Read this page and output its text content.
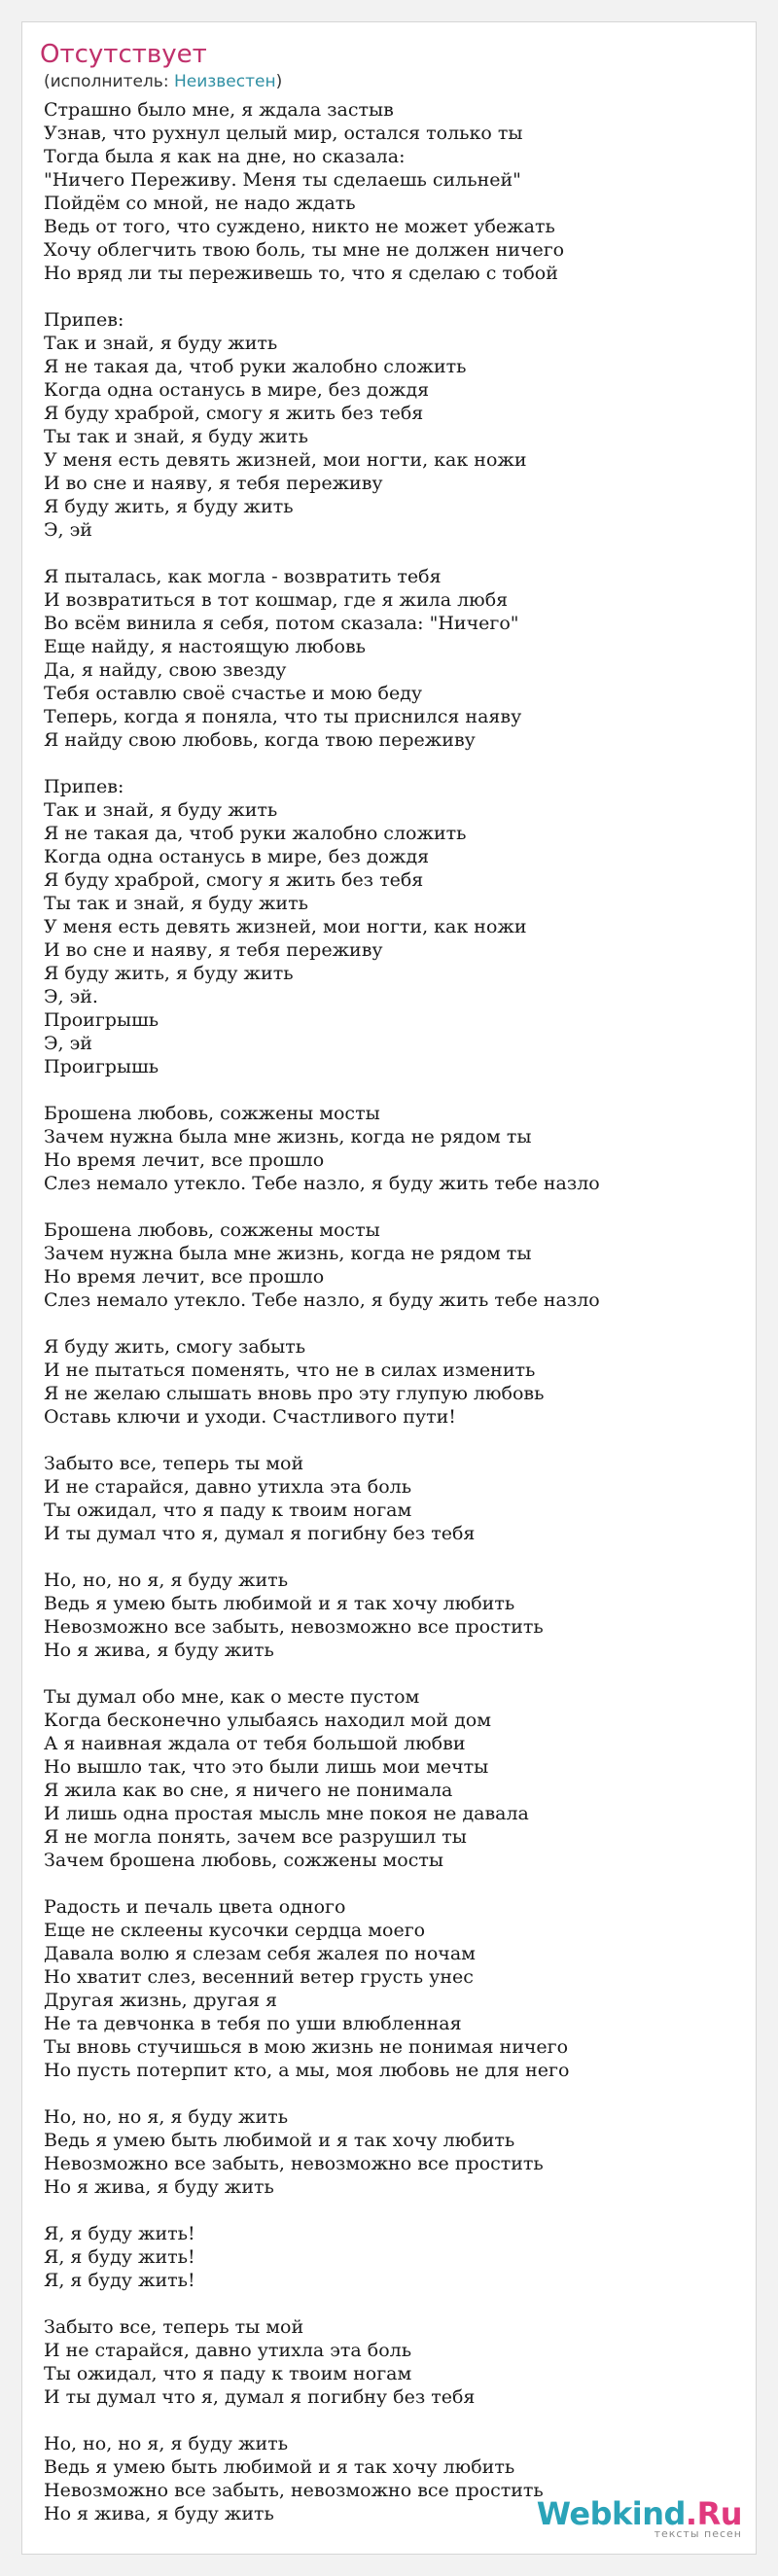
Отсутствует
(исполнитель: Неизвестен)
Страшно было мне, я ждала застыв
Узнав, что рухнул целый мир, остался только ты
Тогда была я как на дне, но сказала:
"Ничего Переживу. Меня ты сделаешь сильней"
Пойдём со мной, не надо ждать
Ведь от того, что суждено, никто не может убежать
Хочу облегчить твою боль, ты мне не должен ничего
Но вряд ли ты переживешь то, что я сделаю с тобой
Припев:
Так и знай, я буду жить
Я не такая да, чтоб руки жалобно сложить
Когда одна останусь в мире, без дождя
Я буду храброй, смогу я жить без тебя
Ты так и знай, я буду жить
У меня есть девять жизней, мои ногти, как ножи
И во сне и наяву, я тебя переживу
Я буду жить, я буду жить
Э, эй
Я пыталась, как могла - возвратить тебя
И возвратиться в тот кошмар, где я жила любя
Во всём винила я себя, потом сказала: "Ничего"
Еще найду, я настоящую любовь
Да, я найду, свою звезду
Тебя оставлю своё счастье и мою беду
Теперь, когда я поняла, что ты приснился наяву
Я найду свою любовь, когда твою переживу
Припев:
Так и знай, я буду жить
Я не такая да, чтоб руки жалобно сложить
Когда одна останусь в мире, без дождя
Я буду храброй, смогу я жить без тебя
Ты так и знай, я буду жить
У меня есть девять жизней, мои ногти, как ножи
И во сне и наяву, я тебя переживу
Я буду жить, я буду жить
Э, эй.
Проигрышь
Э, эй
Проигрышь
Брошена любовь, сожжены мосты
Зачем нужна была мне жизнь, когда не рядом ты
Но время лечит, все прошло
Слез немало утекло. Тебе назло, я буду жить тебе назло
Брошена любовь, сожжены мосты
Зачем нужна была мне жизнь, когда не рядом ты
Но время лечит, все прошло
Слез немало утекло. Тебе назло, я буду жить тебе назло
Я буду жить, смогу забыть
И не пытаться поменять, что не в силах изменить
Я не желаю слышать вновь про эту глупую любовь
Оставь ключи и уходи. Счастливого пути!
Забыто все, теперь ты мой
И не старайся, давно утихла эта боль
Ты ожидал, что я паду к твоим ногам
И ты думал что я, думал я погибну без тебя
Но, но, но я, я буду жить
Ведь я умею быть любимой и я так хочу любить
Невозможно все забыть, невозможно все простить
Но я жива, я буду жить
Ты думал обо мне, как о месте пустом
Когда бесконечно улыбаясь находил мой дом
А я наивная ждала от тебя большой любви
Но вышло так, что это были лишь мои мечты
Я жила как во сне, я ничего не понимала
И лишь одна простая мысль мне покоя не давала
Я не могла понять, зачем все разрушил ты
Зачем брошена любовь, сожжены мосты
Радость и печаль цвета одного
Еще не склеены кусочки сердца моего
Давала волю я слезам себя жалея по ночам
Но хватит слез, весенний ветер грусть унес
Другая жизнь, другая я
Не та девчонка в тебя по уши влюбленная
Ты вновь стучишься в мою жизнь не понимая ничего
Но пусть потерпит кто, а мы, моя любовь не для него
Но, но, но я, я буду жить
Ведь я умею быть любимой и я так хочу любить
Невозможно все забыть, невозможно все простить
Но я жива, я буду жить
Я, я буду жить!
Я, я буду жить!
Я, я буду жить!
Забыто все, теперь ты мой
И не старайся, давно утихла эта боль
Ты ожидал, что я паду к твоим ногам
И ты думал что я, думал я погибну без тебя
Но, но, но я, я буду жить
Ведь я умею быть любимой и я так хочу любить
Невозможно все забыть, невозможно все простить
Но я жива, я буду жить	Webkind.Ru
тексты песен
